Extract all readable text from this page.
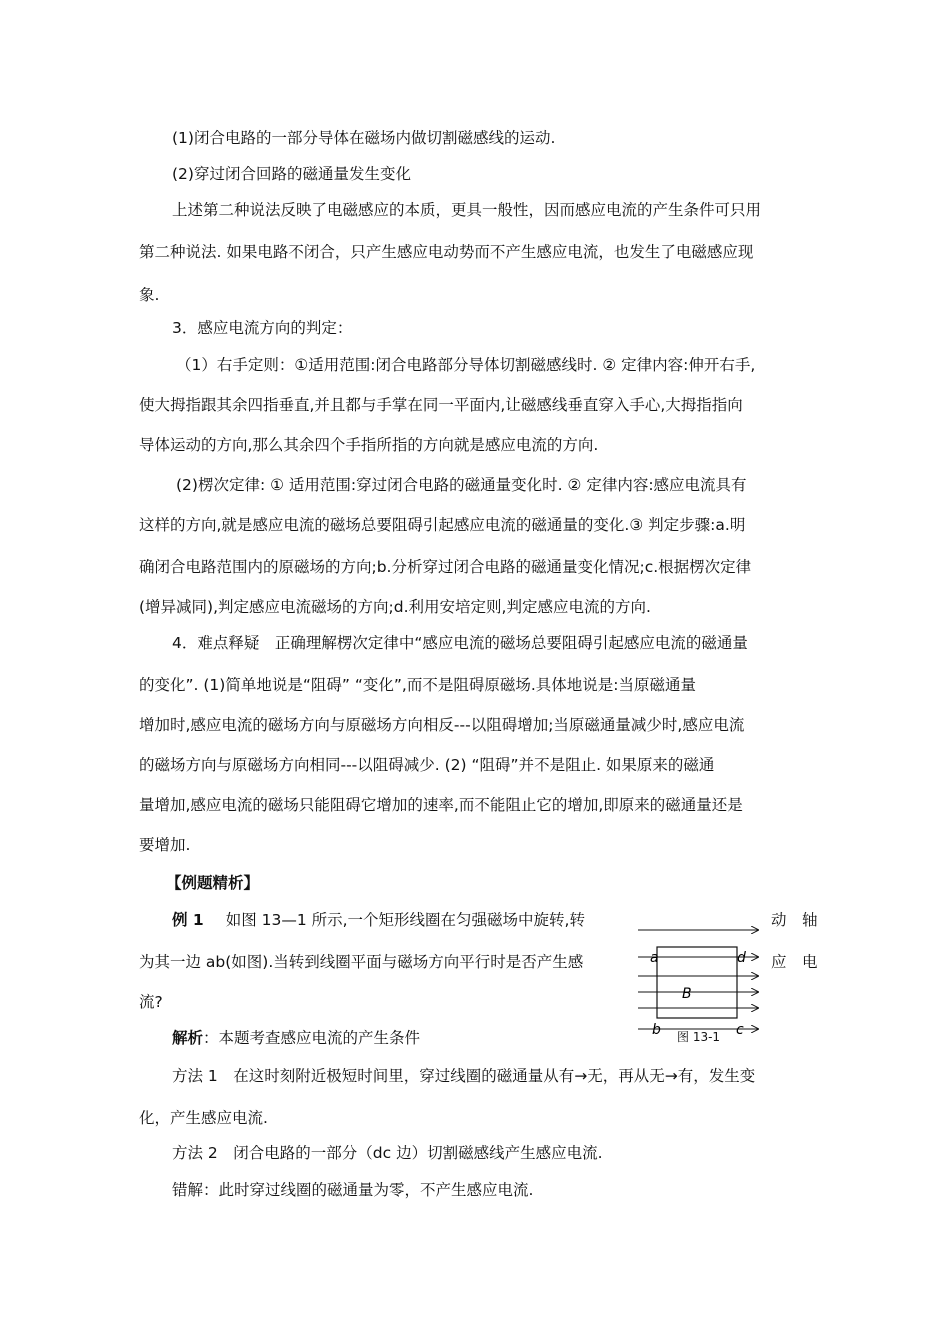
(1)闭合电路的一部分导体在磁场内做切割磁感线的运动.
(2)穿过闭合回路的磁通量发生变化
上述第二种说法反映了电磁感应的本质，更具一般性，因而感应电流的产生条件可只用
第二种说法. 如果电路不闭合，只产生感应电动势而不产生感应电流，也发生了电磁感应现
象.
3．感应电流方向的判定：
（1）右手定则：①适用范围:闭合电路部分导体切割磁感线时. ② 定律内容:伸开右手,
使大拇指跟其余四指垂直,并且都与手掌在同一平面内,让磁感线垂直穿入手心,大拇指指向
导体运动的方向,那么其余四个手指所指的方向就是感应电流的方向.
(2)楞次定律: ① 适用范围:穿过闭合电路的磁通量变化时. ② 定律内容:感应电流具有
这样的方向,就是感应电流的磁场总要阻碍引起感应电流的磁通量的变化.③ 判定步骤:a.明
确闭合电路范围内的原磁场的方向;b.分析穿过闭合电路的磁通量变化情况;c.根据楞次定律
(增异减同),判定感应电流磁场的方向;d.利用安培定则,判定感应电流的方向.
4．难点释疑　正确理解楞次定律中“感应电流的磁场总要阻碍引起感应电流的磁通量
的变化”. (1)简单地说是“阻碍” “变化”,而不是阻碍原磁场.具体地说是:当原磁通量
增加时,感应电流的磁场方向与原磁场方向相反---以阻碍增加;当原磁通量减少时,感应电流
的磁场方向与原磁场方向相同---以阻碍减少. (2) “阻碍”并不是阻止. 如果原来的磁通
量增加,感应电流的磁场只能阻碍它增加的速率,而不能阻止它的增加,即原来的磁通量还是
要增加.
【例题精析】
例 1 如图 13—1 所示,一个矩形线圈在匀强磁场中旋转,转
为其一边 ab(如图).当转到线圈平面与磁场方向平行时是否产生感
流?
动　轴
应　电
解析：本题考查感应电流的产生条件
方法 1　在这时刻附近极短时间里，穿过线圈的磁通量从有→无，再从无→有，发生变
化，产生感应电流.
方法 2　闭合电路的一部分（dc 边）切割磁感线产生感应电流.
错解：此时穿过线圈的磁通量为零，不产生感应电流.
a	d
B
b	c
图 13-1
